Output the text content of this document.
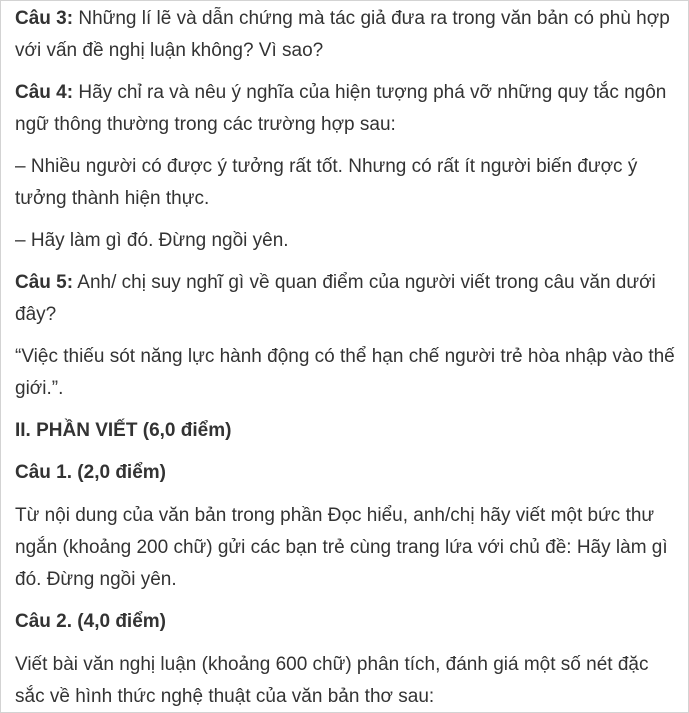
Câu 3: Những lí lẽ và dẫn chứng mà tác giả đưa ra trong văn bản có phù hợp với vấn đề nghị luận không? Vì sao?

Câu 4: Hãy chỉ ra và nêu ý nghĩa của hiện tượng phá vỡ những quy tắc ngôn ngữ thông thường trong các trường hợp sau:

– Nhiều người có được ý tưởng rất tốt. Nhưng có rất ít người biến được ý tưởng thành hiện thực.

– Hãy làm gì đó. Đừng ngồi yên.

Câu 5: Anh/ chị suy nghĩ gì về quan điểm của người viết trong câu văn dưới đây?

“Việc thiếu sót năng lực hành động có thể hạn chế người trẻ hòa nhập vào thế giới.”.

II. PHẦN VIẾT (6,0 điểm)

Câu 1. (2,0 điểm)

Từ nội dung của văn bản trong phần Đọc hiểu, anh/chị hãy viết một bức thư ngắn (khoảng 200 chữ) gửi các bạn trẻ cùng trang lứa với chủ đề: Hãy làm gì đó. Đừng ngồi yên.

Câu 2. (4,0 điểm)

Viết bài văn nghị luận (khoảng 600 chữ) phân tích, đánh giá một số nét đặc sắc về hình thức nghệ thuật của văn bản thơ sau:
